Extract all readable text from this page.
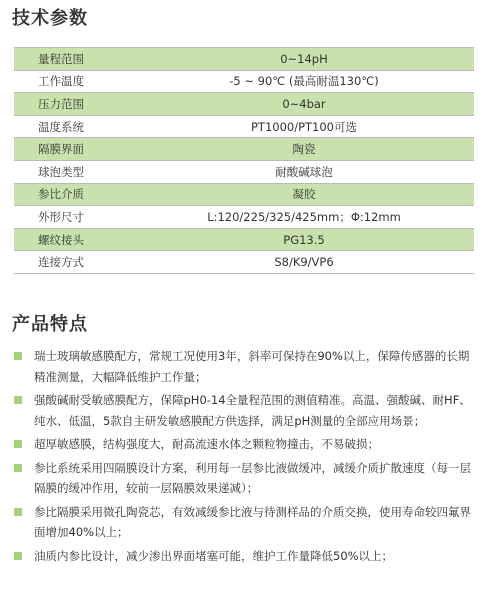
技术参数
量程范围	0~14pH
工作温度	-5 ~ 90℃ (最高耐温130℃)
压力范围	0~4bar
温度系统	PT1000/PT100可选
隔膜界面	陶瓷
球泡类型	耐酸碱球泡
参比介质	凝胶
外形尺寸	L:120/225/325/425mm；Φ:12mm
螺纹接头	PG13.5
连接方式	S8/K9/VP6
产品特点
瑞士玻璃敏感膜配方，常规工况使用3年，斜率可保持在90%以上，保障传感器的长期精准测量，大幅降低维护工作量；
强酸碱耐受敏感膜配方，保障pH0-14全量程范围的测值精准。高温、强酸碱、耐HF、纯水、低温，5款自主研发敏感膜配方供选择，满足pH测量的全部应用场景；
超厚敏感膜，结构强度大，耐高流速水体之颗粒物撞击，不易破损；
参比系统采用四隔膜设计方案，利用每一层参比液做缓冲，减缓介质扩散速度（每一层隔膜的缓冲作用，较前一层隔膜效果递减）；
参比隔膜采用微孔陶瓷芯，有效减缓参比液与待测样品的介质交换，使用寿命较四氟界面增加40%以上；
油质内参比设计，减少渗出界面堵塞可能，维护工作量降低50%以上；
